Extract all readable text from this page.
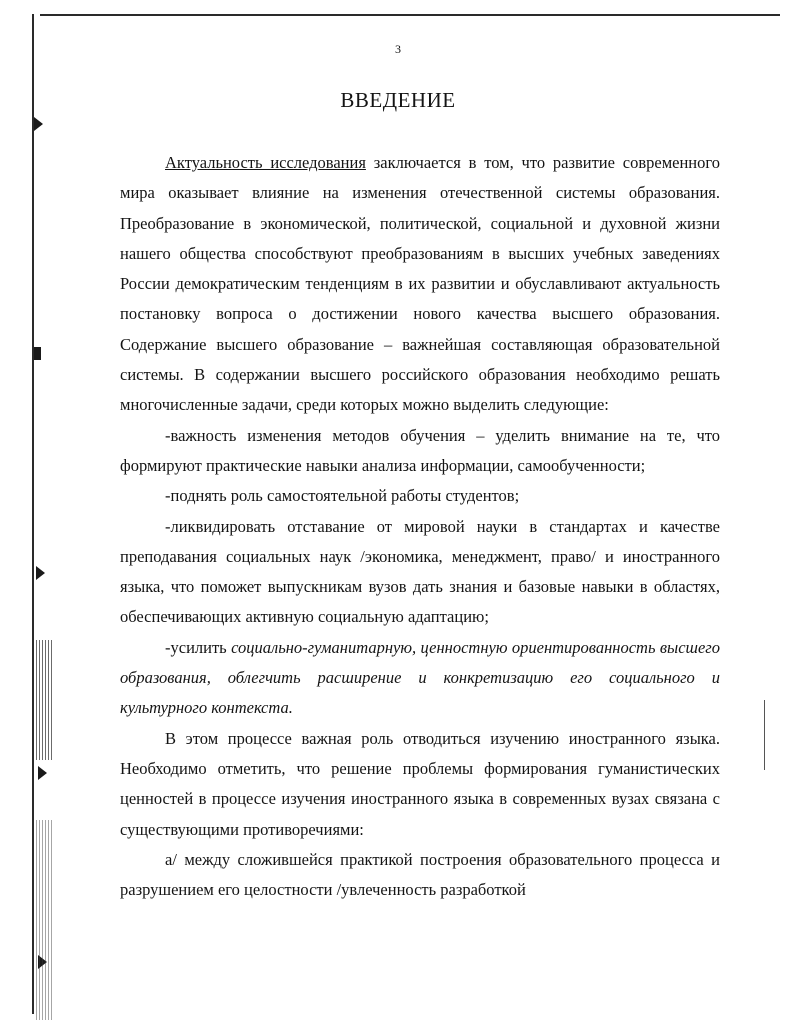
3
ВВЕДЕНИЕ

Актуальность исследования заключается в том, что развитие современного мира оказывает влияние на изменения отечественной системы образования. Преобразование в экономической, политической, социальной и духовной жизни нашего общества способствуют преобразованиям в высших учебных заведениях России демократическим тенденциям в их развитии и обуславливают актуальность постановку вопроса о достижении нового качества высшего образования. Содержание высшего образование – важнейшая составляющая образовательной системы. В содержании высшего российского образования необходимо решать многочисленные задачи, среди которых можно выделить следующие:

-важность изменения методов обучения – уделить внимание на те, что формируют практические навыки анализа информации, самообученности;

-поднять роль самостоятельной работы студентов;

-ликвидировать отставание от мировой науки в стандартах и качестве преподавания социальных наук /экономика, менеджмент, право/ и иностранного языка, что поможет выпускникам вузов дать знания и базовые навыки в областях, обеспечивающих активную социальную адаптацию;

-усилить социально-гуманитарную, ценностную ориентированность высшего образования, облегчить расширение и конкретизацию его социального и культурного контекста.

В этом процессе важная роль отводиться изучению иностранного языка. Необходимо отметить, что решение проблемы формирования гуманистических ценностей в процессе изучения иностранного языка в современных вузах связана с существующими противоречиями:

а/ между сложившейся практикой построения образовательного процесса и разрушением его целостности /увлеченность разработкой
